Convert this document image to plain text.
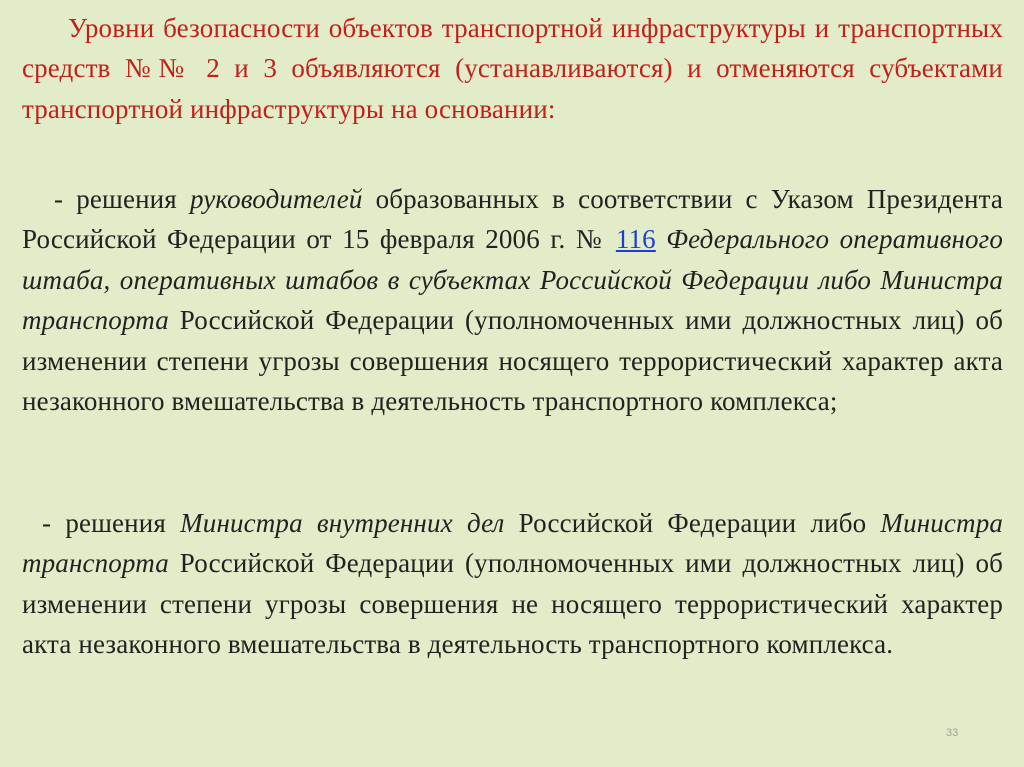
Уровни безопасности объектов транспортной инфраструктуры и транспортных средств №№ 2 и 3 объявляются (устанавливаются) и отменяются субъектами транспортной инфраструктуры на основании:

- решения руководителей образованных в соответствии с Указом Президента Российской Федерации от 15 февраля 2006 г. № 116 Федерального оперативного штаба, оперативных штабов в субъектах Российской Федерации либо Министра транспорта Российской Федерации (уполномоченных ими должностных лиц) об изменении степени угрозы совершения носящего террористический характер акта незаконного вмешательства в деятельность транспортного комплекса;

- решения Министра внутренних дел Российской Федерации либо Министра транспорта Российской Федерации (уполномоченных ими должностных лиц) об изменении степени угрозы совершения не носящего террористический характер акта незаконного вмешательства в деятельность транспортного комплекса.

33
